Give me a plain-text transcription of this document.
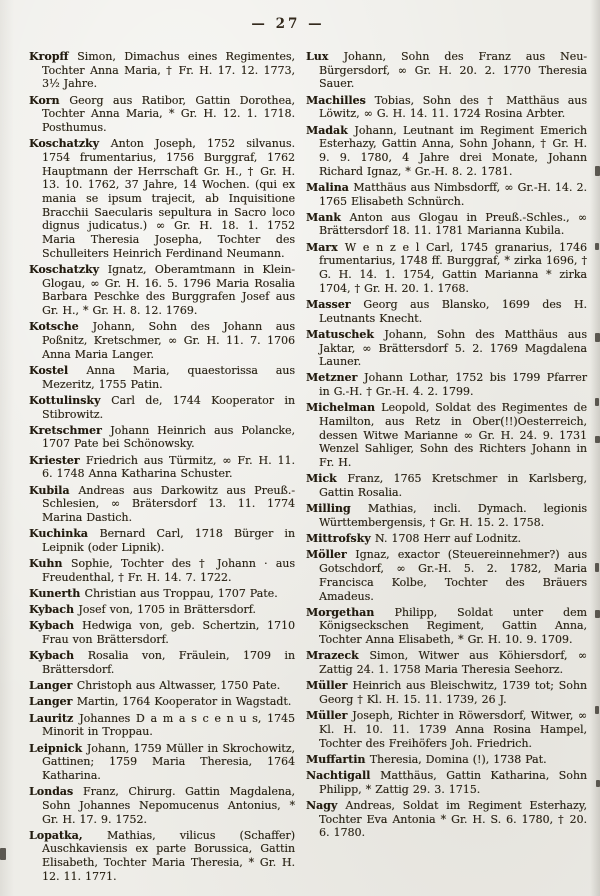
— 27 —

Kropff Simon, Dimachus eines Regimentes, Tochter Anna Maria, † Fr. H. 17. 12. 1773, 3½ Jahre.

Korn Georg aus Ratibor, Gattin Dorothea, Tochter Anna Maria, * Gr. H. 12. 1. 1718. Posthumus.

Koschatzky Anton Joseph, 1752 silvanus. 1754 frumentarius, 1756 Burggraf, 1762 Hauptmann der Herrschaft Gr. H., † Gr. H. 13. 10. 1762, 37 Jahre, 14 Wochen. (qui ex mania se ipsum trajecit, ab Inquisitione Bracchii Saecularis sepultura in Sacro loco dignus judicatus.) ∞ Gr. H. 18. 1. 1752 Maria Theresia Josepha, Tochter des Schulleiters Heinrich Ferdinand Neumann.

Koschatzky Ignatz, Oberamtmann in Klein-Glogau, ∞ Gr. H. 16. 5. 1796 Maria Rosalia Barbara Peschke des Burggrafen Josef aus Gr. H., * Gr. H. 8. 12. 1769.

Kotsche Johann, Sohn des Johann aus Poßnitz, Kretschmer, ∞ Gr. H. 11. 7. 1706 Anna Maria Langer.

Kostel Anna Maria, quaestorissa aus Mezeritz, 1755 Patin.

Kottulinsky Carl de, 1744 Kooperator in Stibrowitz.

Kretschmer Johann Heinrich aus Polancke, 1707 Pate bei Schönowsky.

Kriester Friedrich aus Türmitz, ∞ Fr. H. 11. 6. 1748 Anna Katharina Schuster.

Kubila Andreas aus Darkowitz aus Preuß.-Schlesien, ∞ Brätersdorf 13. 11. 1774 Marina Dastich.

Kuchinka Bernard Carl, 1718 Bürger in Leipnik (oder Lipnik).

Kuhn Sophie, Tochter des † Johann · aus Freudenthal, † Fr. H. 14. 7. 1722.

Kunerth Christian aus Troppau, 1707 Pate.

Kybach Josef von, 1705 in Brättersdorf.

Kybach Hedwiga von, geb. Schertzin, 1710 Frau von Brättersdorf.

Kybach Rosalia von, Fräulein, 1709 in Brättersdorf.

Langer Christoph aus Altwasser, 1750 Pate.

Langer Martin, 1764 Kooperator in Wagstadt.

Lauritz Johannes D a m a s c e n u s, 1745 Minorit in Troppau.

Leipnick Johann, 1759 Müller in Skrochowitz, Gattinen; 1759 Maria Theresia, 1764 Katharina.

Londas Franz, Chirurg. Gattin Magdalena, Sohn Johannes Nepomucenus Antonius, * Gr. H. 17. 9. 1752.

Lopatka, Mathias, vilicus (Schaffer) Auschkaviensis ex parte Borussica, Gattin Elisabeth, Tochter Maria Theresia, * Gr. H. 12. 11. 1771.

Lux Johann, Sohn des Franz aus Neu-Bürgersdorf, ∞ Gr. H. 20. 2. 1770 Theresia Sauer.

Machilles Tobias, Sohn des † Matthäus aus Löwitz, ∞ G. H. 14. 11. 1724 Rosina Arbter.

Madak Johann, Leutnant im Regiment Emerich Esterhazy, Gattin Anna, Sohn Johann, † Gr. H. 9. 9. 1780, 4 Jahre drei Monate, Johann Richard Ignaz, * Gr.-H. 8. 2. 1781.

Malina Matthäus aus Nimbsdorff, ∞ Gr.-H. 14. 2. 1765 Elisabeth Schnürch.

Mank Anton aus Glogau in Preuß.-Schles., ∞ Brättersdorf 18. 11. 1781 Marianna Kubila.

Marx W e n z e l Carl, 1745 granarius, 1746 frumentarius, 1748 ff. Burggraf, * zirka 1696, † G. H. 14. 1. 1754, Gattin Marianna * zirka 1704, † Gr. H. 20. 1. 1768.

Masser Georg aus Blansko, 1699 des H. Leutnants Knecht.

Matuschek Johann, Sohn des Matthäus aus Jaktar, ∞ Brättersdorf 5. 2. 1769 Magdalena Launer.

Metzner Johann Lothar, 1752 bis 1799 Pfarrer in G.-H. † Gr.-H. 4. 2. 1799.

Michelman Leopold, Soldat des Regimentes de Hamilton, aus Retz in Ober(!!)Oesterreich, dessen Witwe Marianne ∞ Gr. H. 24. 9. 1731 Wenzel Sahliger, Sohn des Richters Johann in Fr. H.

Mick Franz, 1765 Kretschmer in Karlsberg, Gattin Rosalia.

Milling Mathias, incli. Dymach. legionis Württembergensis, † Gr. H. 15. 2. 1758.

Mittrofsky N. 1708 Herr auf Lodnitz.

Möller Ignaz, exactor (Steuereinnehmer?) aus Gotschdorf, ∞ Gr.-H. 5. 2. 1782, Maria Francisca Kolbe, Tochter des Bräuers Amadeus.

Morgethan Philipp, Soldat unter dem Königseckschen Regiment, Gattin Anna, Tochter Anna Elisabeth, * Gr. H. 10. 9. 1709.

Mrazeck Simon, Witwer aus Köhiersdorf, ∞ Zattig 24. 1. 1758 Maria Theresia Seehorz.

Müller Heinrich aus Bleischwitz, 1739 tot; Sohn Georg † Kl. H. 15. 11. 1739, 26 J.

Müller Joseph, Richter in Röwersdorf, Witwer, ∞ Kl. H. 10. 11. 1739 Anna Rosina Hampel, Tochter des Freihöfers Joh. Friedrich.

Muffartin Theresia, Domina (!), 1738 Pat.

Nachtigall Matthäus, Gattin Katharina, Sohn Philipp, * Zattig 29. 3. 1715.

Nagy Andreas, Soldat im Regiment Esterhazy, Tochter Eva Antonia * Gr. H. S. 6. 1780, † 20. 6. 1780.
